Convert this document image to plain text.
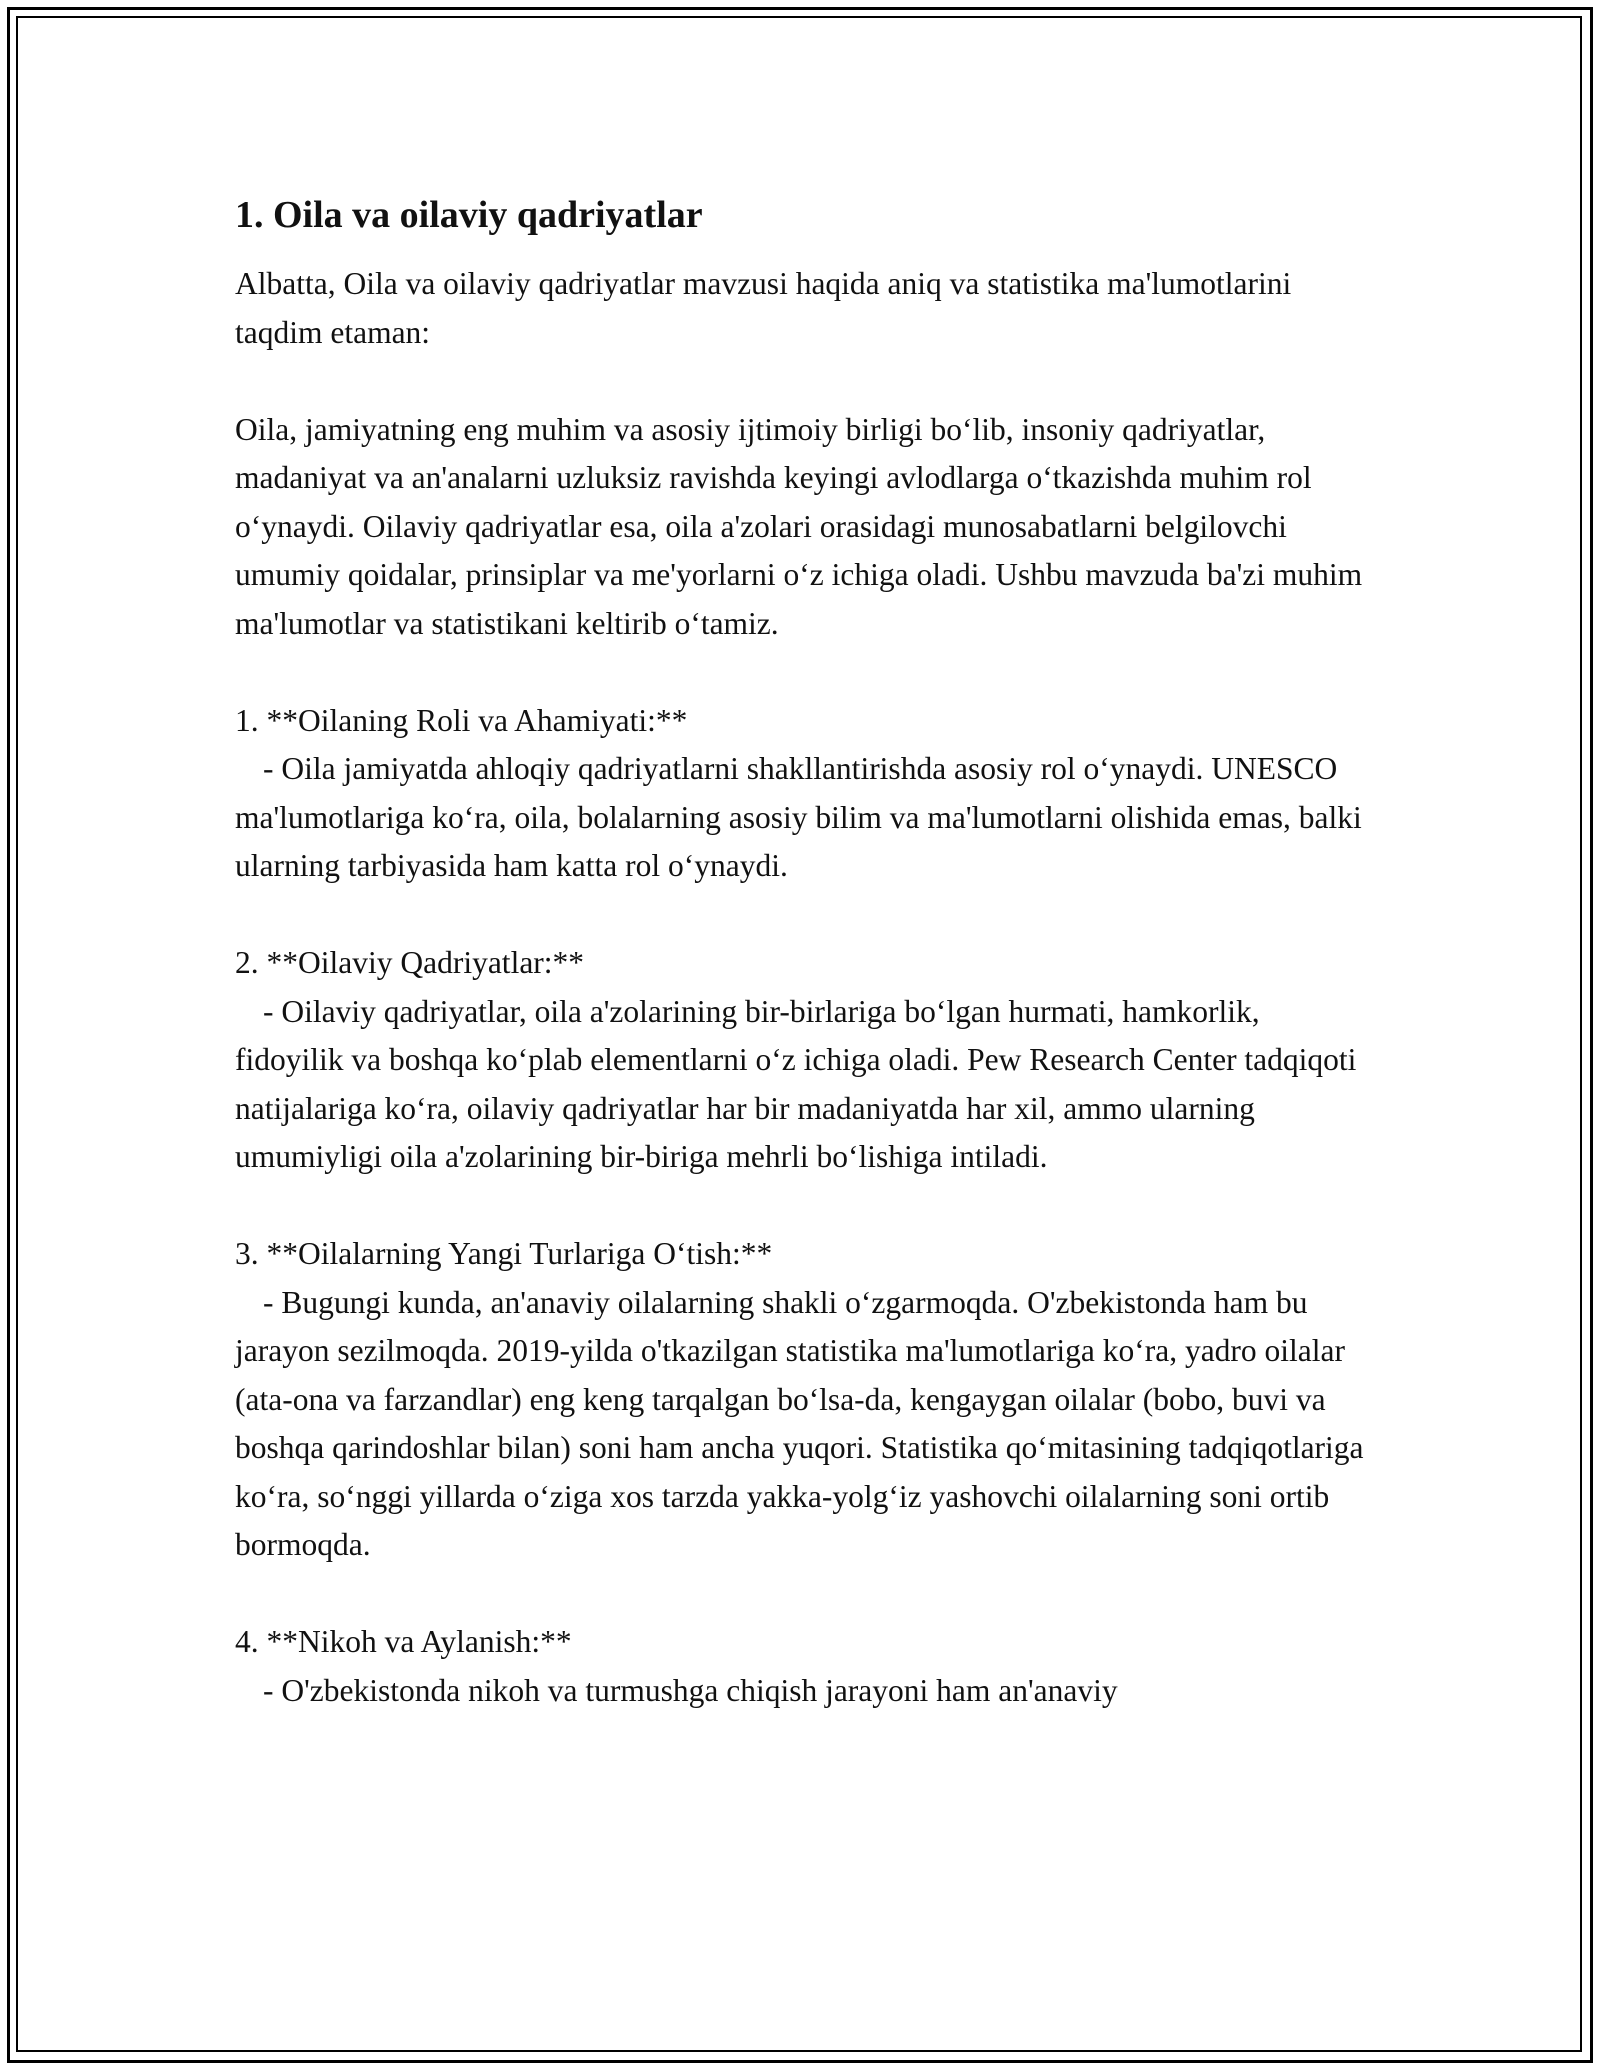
1. Oila va oilaviy qadriyatlar

Albatta, Oila va oilaviy qadriyatlar mavzusi haqida aniq va statistika ma'lumotlarini taqdim etaman:

Oila, jamiyatning eng muhim va asosiy ijtimoiy birligi bo‘lib, insoniy qadriyatlar, madaniyat va an'analarni uzluksiz ravishda keyingi avlodlarga o‘tkazishda muhim rol o‘ynaydi. Oilaviy qadriyatlar esa, oila a'zolari orasidagi munosabatlarni belgilovchi umumiy qoidalar, prinsiplar va me'yorlarni o‘z ichiga oladi. Ushbu mavzuda ba'zi muhim ma'lumotlar va statistikani keltirib o‘tamiz.

1. **Oilaning Roli va Ahamiyati:**
- Oila jamiyatda ahloqiy qadriyatlarni shakllantirishda asosiy rol o‘ynaydi. UNESCO ma'lumotlariga ko‘ra, oila, bolalarning asosiy bilim va ma'lumotlarni olishida emas, balki ularning tarbiyasida ham katta rol o‘ynaydi.
2. **Oilaviy Qadriyatlar:**
- Oilaviy qadriyatlar, oila a'zolarining bir-birlariga bo‘lgan hurmati, hamkorlik, fidoyilik va boshqa ko‘plab elementlarni o‘z ichiga oladi. Pew Research Center tadqiqoti natijalariga ko‘ra, oilaviy qadriyatlar har bir madaniyatda har xil, ammo ularning umumiyligi oila a'zolarining bir-biriga mehrli bo‘lishiga intiladi.
3. **Oilalarning Yangi Turlariga O‘tish:**
- Bugungi kunda, an'anaviy oilalarning shakli o‘zgarmoqda. O'zbekistonda ham bu jarayon sezilmoqda. 2019-yilda o'tkazilgan statistika ma'lumotlariga ko‘ra, yadro oilalar (ata-ona va farzandlar) eng keng tarqalgan bo‘lsa-da, kengaygan oilalar (bobo, buvi va boshqa qarindoshlar bilan) soni ham ancha yuqori. Statistika qo‘mitasining tadqiqotlariga ko‘ra, so‘nggi yillarda o‘ziga xos tarzda yakka-yolg‘iz yashovchi oilalarning soni ortib bormoqda.
4. **Nikoh va Aylanish:**
- O'zbekistonda nikoh va turmushga chiqish jarayoni ham an'anaviy
